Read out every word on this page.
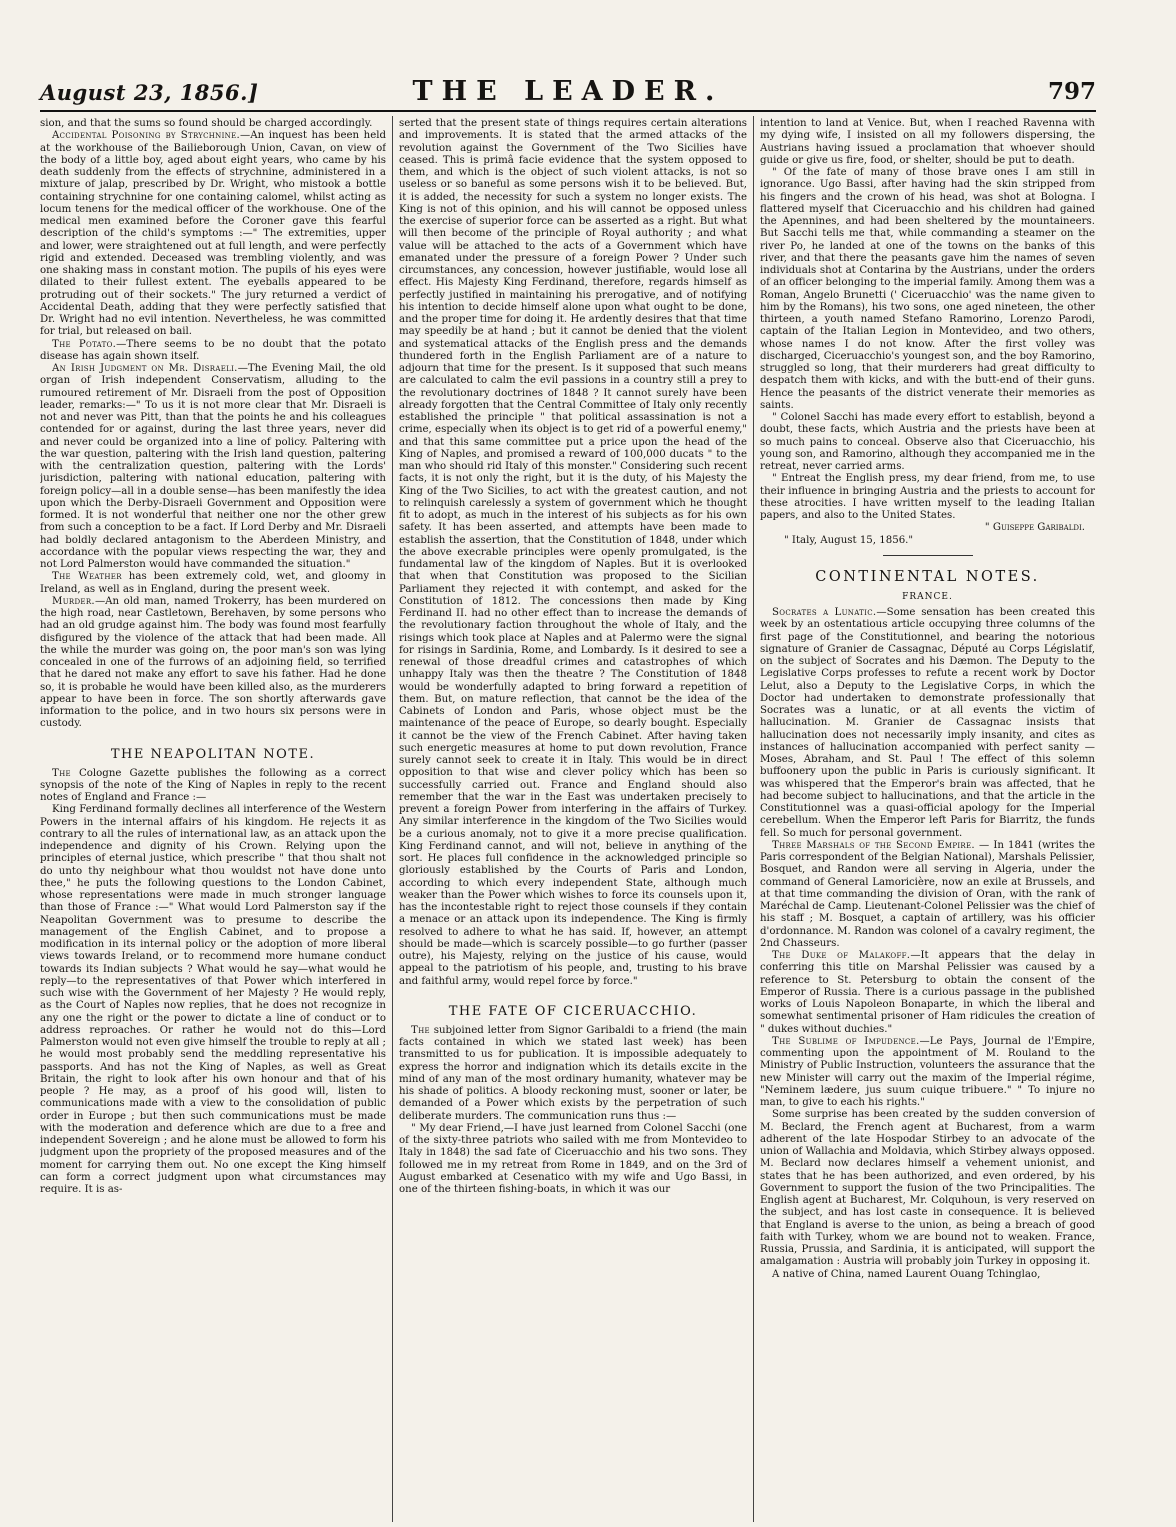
August 23, 1856.]	THE LEADER.	797

sion, and that the sums so found should be charged accordingly.

Accidental Poisoning by Strychnine.—An inquest has been held at the workhouse of the Bailieborough Union, Cavan, on view of the body of a little boy, aged about eight years, who came by his death suddenly from the effects of strychnine, administered in a mixture of jalap, prescribed by Dr. Wright, who mistook a bottle containing strychnine for one containing calomel, whilst acting as locum tenens for the medical officer of the workhouse. One of the medical men examined before the Coroner gave this fearful description of the child's symptoms :—" The extremities, upper and lower, were straightened out at full length, and were perfectly rigid and extended. Deceased was trembling violently, and was one shaking mass in constant motion. The pupils of his eyes were dilated to their fullest extent. The eyeballs appeared to be protruding out of their sockets." The jury returned a verdict of Accidental Death, adding that they were perfectly satisfied that Dr. Wright had no evil intention. Nevertheless, he was committed for trial, but released on bail.

The Potato.—There seems to be no doubt that the potato disease has again shown itself.

An Irish Judgment on Mr. Disraeli.—The Evening Mail, the old organ of Irish independent Conservatism, alluding to the rumoured retirement of Mr. Disraeli from the post of Opposition leader, remarks:—" To us it is not more clear that Mr. Disraeli is not and never was Pitt, than that the points he and his colleagues contended for or against, during the last three years, never did and never could be organized into a line of policy. Paltering with the war question, paltering with the Irish land question, paltering with the centralization question, paltering with the Lords' jurisdiction, paltering with national education, paltering with foreign policy—all in a double sense—has been manifestly the idea upon which the Derby-Disraeli Government and Opposition were formed. It is not wonderful that neither one nor the other grew from such a conception to be a fact. If Lord Derby and Mr. Disraeli had boldly declared antagonism to the Aberdeen Ministry, and accordance with the popular views respecting the war, they and not Lord Palmerston would have commanded the situation."

The Weather has been extremely cold, wet, and gloomy in Ireland, as well as in England, during the present week.

Murder.—An old man, named Trokerry, has been murdered on the high road, near Castletown, Berehaven, by some persons who had an old grudge against him. The body was found most fearfully disfigured by the violence of the attack that had been made. All the while the murder was going on, the poor man's son was lying concealed in one of the furrows of an adjoining field, so terrified that he dared not make any effort to save his father. Had he done so, it is probable he would have been killed also, as the murderers appear to have been in force. The son shortly afterwards gave information to the police, and in two hours six persons were in custody.

THE NEAPOLITAN NOTE.

The Cologne Gazette publishes the following as a correct synopsis of the note of the King of Naples in reply to the recent notes of England and France :—

King Ferdinand formally declines all interference of the Western Powers in the internal affairs of his kingdom. He rejects it as contrary to all the rules of international law, as an attack upon the independence and dignity of his Crown. Relying upon the principles of eternal justice, which prescribe " that thou shalt not do unto thy neighbour what thou wouldst not have done unto thee," he puts the following questions to the London Cabinet, whose representations were made in much stronger language than those of France :—" What would Lord Palmerston say if the Neapolitan Government was to presume to describe the management of the English Cabinet, and to propose a modification in its internal policy or the adoption of more liberal views towards Ireland, or to recommend more humane conduct towards its Indian subjects ? What would he say—what would he reply—to the representatives of that Power which interfered in such wise with the Government of her Majesty ? He would reply, as the Court of Naples now replies, that he does not recognize in any one the right or the power to dictate a line of conduct or to address reproaches. Or rather he would not do this—Lord Palmerston would not even give himself the trouble to reply at all ; he would most probably send the meddling representative his passports. And has not the King of Naples, as well as Great Britain, the right to look after his own honour and that of his people ? He may, as a proof of his good will, listen to communications made with a view to the consolidation of public order in Europe ; but then such communications must be made with the moderation and deference which are due to a free and independent Sovereign ; and he alone must be allowed to form his judgment upon the propriety of the proposed measures and of the moment for carrying them out. No one except the King himself can form a correct judgment upon what circumstances may require. It is as-

serted that the present state of things requires certain alterations and improvements. It is stated that the armed attacks of the revolution against the Government of the Two Sicilies have ceased. This is primâ facie evidence that the system opposed to them, and which is the object of such violent attacks, is not so useless or so baneful as some persons wish it to be believed. But, it is added, the necessity for such a system no longer exists. The King is not of this opinion, and his will cannot be opposed unless the exercise of superior force can be asserted as a right. But what will then become of the principle of Royal authority ; and what value will be attached to the acts of a Government which have emanated under the pressure of a foreign Power ? Under such circumstances, any concession, however justifiable, would lose all effect. His Majesty King Ferdinand, therefore, regards himself as perfectly justified in maintaining his prerogative, and of notifying his intention to decide himself alone upon what ought to be done, and the proper time for doing it. He ardently desires that that time may speedily be at hand ; but it cannot be denied that the violent and systematical attacks of the English press and the demands thundered forth in the English Parliament are of a nature to adjourn that time for the present. Is it supposed that such means are calculated to calm the evil passions in a country still a prey to the revolutionary doctrines of 1848 ? It cannot surely have been already forgotten that the Central Committee of Italy only recently established the principle " that political assassination is not a crime, especially when its object is to get rid of a powerful enemy," and that this same committee put a price upon the head of the King of Naples, and promised a reward of 100,000 ducats " to the man who should rid Italy of this monster." Considering such recent facts, it is not only the right, but it is the duty, of his Majesty the King of the Two Sicilies, to act with the greatest caution, and not to relinquish carelessly a system of government which he thought fit to adopt, as much in the interest of his subjects as for his own safety. It has been asserted, and attempts have been made to establish the assertion, that the Constitution of 1848, under which the above execrable principles were openly promulgated, is the fundamental law of the kingdom of Naples. But it is overlooked that when that Constitution was proposed to the Sicilian Parliament they rejected it with contempt, and asked for the Constitution of 1812. The concessions then made by King Ferdinand II. had no other effect than to increase the demands of the revolutionary faction throughout the whole of Italy, and the risings which took place at Naples and at Palermo were the signal for risings in Sardinia, Rome, and Lombardy. Is it desired to see a renewal of those dreadful crimes and catastrophes of which unhappy Italy was then the theatre ? The Constitution of 1848 would be wonderfully adapted to bring forward a repetition of them. But, on mature reflection, that cannot be the idea of the Cabinets of London and Paris, whose object must be the maintenance of the peace of Europe, so dearly bought. Especially it cannot be the view of the French Cabinet. After having taken such energetic measures at home to put down revolution, France surely cannot seek to create it in Italy. This would be in direct opposition to that wise and clever policy which has been so successfully carried out. France and England should also remember that the war in the East was undertaken precisely to prevent a foreign Power from interfering in the affairs of Turkey. Any similar interference in the kingdom of the Two Sicilies would be a curious anomaly, not to give it a more precise qualification. King Ferdinand cannot, and will not, believe in anything of the sort. He places full confidence in the acknowledged principle so gloriously established by the Courts of Paris and London, according to which every independent State, although much weaker than the Power which wishes to force its counsels upon it, has the incontestable right to reject those counsels if they contain a menace or an attack upon its independence. The King is firmly resolved to adhere to what he has said. If, however, an attempt should be made—which is scarcely possible—to go further (passer outre), his Majesty, relying on the justice of his cause, would appeal to the patriotism of his people, and, trusting to his brave and faithful army, would repel force by force."

THE FATE OF CICERUACCHIO.

The subjoined letter from Signor Garibaldi to a friend (the main facts contained in which we stated last week) has been transmitted to us for publication. It is impossible adequately to express the horror and indignation which its details excite in the mind of any man of the most ordinary humanity, whatever may be his shade of politics. A bloody reckoning must, sooner or later, be demanded of a Power which exists by the perpetration of such deliberate murders. The communication runs thus :—

" My dear Friend,—I have just learned from Colonel Sacchi (one of the sixty-three patriots who sailed with me from Montevideo to Italy in 1848) the sad fate of Ciceruacchio and his two sons. They followed me in my retreat from Rome in 1849, and on the 3rd of August embarked at Cesenatico with my wife and Ugo Bassi, in one of the thirteen fishing-boats, in which it was our

intention to land at Venice. But, when I reached Ravenna with my dying wife, I insisted on all my followers dispersing, the Austrians having issued a proclamation that whoever should guide or give us fire, food, or shelter, should be put to death.

" Of the fate of many of those brave ones I am still in ignorance. Ugo Bassi, after having had the skin stripped from his fingers and the crown of his head, was shot at Bologna. I flattered myself that Ciceruacchio and his children had gained the Apennines, and had been sheltered by the mountaineers. But Sacchi tells me that, while commanding a steamer on the river Po, he landed at one of the towns on the banks of this river, and that there the peasants gave him the names of seven individuals shot at Contarina by the Austrians, under the orders of an officer belonging to the imperial family. Among them was a Roman, Angelo Brunetti (' Ciceruacchio' was the name given to him by the Romans), his two sons, one aged nineteen, the other thirteen, a youth named Stefano Ramorino, Lorenzo Parodi, captain of the Italian Legion in Montevideo, and two others, whose names I do not know. After the first volley was discharged, Ciceruacchio's youngest son, and the boy Ramorino, struggled so long, that their murderers had great difficulty to despatch them with kicks, and with the butt-end of their guns. Hence the peasants of the district venerate their memories as saints.

" Colonel Sacchi has made every effort to establish, beyond a doubt, these facts, which Austria and the priests have been at so much pains to conceal. Observe also that Ciceruacchio, his young son, and Ramorino, although they accompanied me in the retreat, never carried arms.

" Entreat the English press, my dear friend, from me, to use their influence in bringing Austria and the priests to account for these atrocities. I have written myself to the leading Italian papers, and also to the United States.

" Guiseppe Garibaldi.
" Italy, August 15, 1856."
CONTINENTAL NOTES.
FRANCE.

Socrates a Lunatic.—Some sensation has been created this week by an ostentatious article occupying three columns of the first page of the Constitutionnel, and bearing the notorious signature of Granier de Cassagnac, Député au Corps Législatif, on the subject of Socrates and his Dæmon. The Deputy to the Legislative Corps professes to refute a recent work by Doctor Lelut, also a Deputy to the Legislative Corps, in which the Doctor had undertaken to demonstrate professionally that Socrates was a lunatic, or at all events the victim of hallucination. M. Granier de Cassagnac insists that hallucination does not necessarily imply insanity, and cites as instances of hallucination accompanied with perfect sanity —Moses, Abraham, and St. Paul ! The effect of this solemn buffoonery upon the public in Paris is curiously significant. It was whispered that the Emperor's brain was affected, that he had become subject to hallucinations, and that the article in the Constitutionnel was a quasi-official apology for the Imperial cerebellum. When the Emperor left Paris for Biarritz, the funds fell. So much for personal government.

Three Marshals of the Second Empire. — In 1841 (writes the Paris correspondent of the Belgian National), Marshals Pelissier, Bosquet, and Randon were all serving in Algeria, under the command of General Lamoricière, now an exile at Brussels, and at that time commanding the division of Oran, with the rank of Maréchal de Camp. Lieutenant-Colonel Pelissier was the chief of his staff ; M. Bosquet, a captain of artillery, was his officier d'ordonnance. M. Randon was colonel of a cavalry regiment, the 2nd Chasseurs.

The Duke of Malakoff.—It appears that the delay in conferring this title on Marshal Pelissier was caused by a reference to St. Petersburg to obtain the consent of the Emperor of Russia. There is a curious passage in the published works of Louis Napoleon Bonaparte, in which the liberal and somewhat sentimental prisoner of Ham ridicules the creation of " dukes without duchies."

The Sublime of Impudence.—Le Pays, Journal de l'Empire, commenting upon the appointment of M. Rouland to the Ministry of Public Instruction, volunteers the assurance that the new Minister will carry out the maxim of the Imperial régime, "Neminem lædere, jus suum cuique tribuere." " To injure no man, to give to each his rights."

Some surprise has been created by the sudden conversion of M. Beclard, the French agent at Bucharest, from a warm adherent of the late Hospodar Stirbey to an advocate of the union of Wallachia and Moldavia, which Stirbey always opposed. M. Beclard now declares himself a vehement unionist, and states that he has been authorized, and even ordered, by his Government to support the fusion of the two Principalities. The English agent at Bucharest, Mr. Colquhoun, is very reserved on the subject, and has lost caste in consequence. It is believed that England is averse to the union, as being a breach of good faith with Turkey, whom we are bound not to weaken. France, Russia, Prussia, and Sardinia, it is anticipated, will support the amalgamation : Austria will probably join Turkey in opposing it.

A native of China, named Laurent Ouang Tchinglao,
